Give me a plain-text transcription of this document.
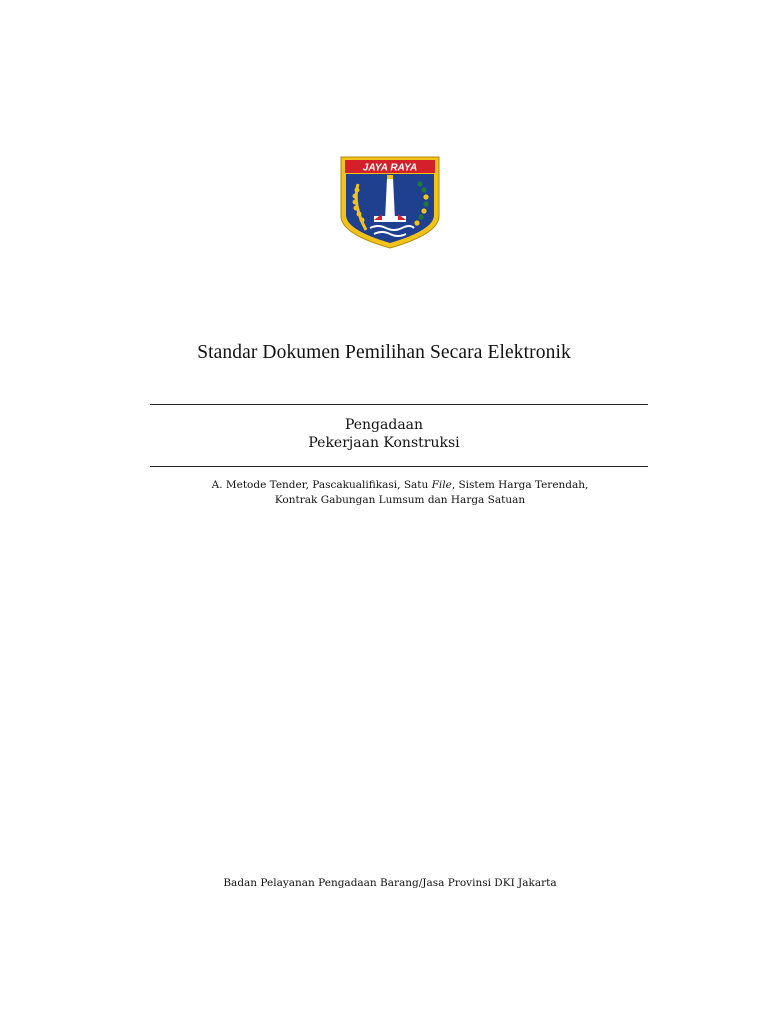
JAYA RAYA
Standar Dokumen Pemilihan Secara Elektronik
Pengadaan
Pekerjaan Konstruksi
A. Metode Tender, Pascakualifikasi, Satu File, Sistem Harga Terendah,
Kontrak Gabungan Lumsum dan Harga Satuan
Badan Pelayanan Pengadaan Barang/Jasa Provinsi DKI Jakarta
